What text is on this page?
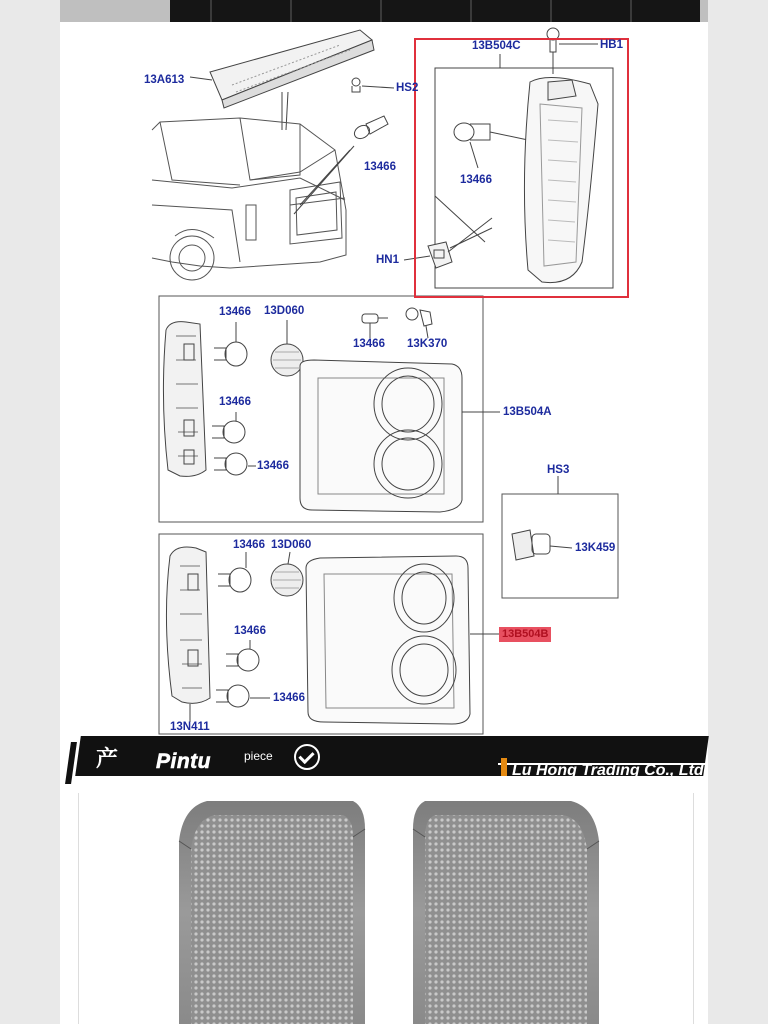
13A613
HS2
13466
13B504C	HB1
13466
HN1
13466 13D060
13466 13K370
13466
13466
13B504A
HS3
13K459
13466 13D060
13466
13466
13N411
13B504B
产 Pintu	piece
Lu Hong Trading Co., Ltd.
